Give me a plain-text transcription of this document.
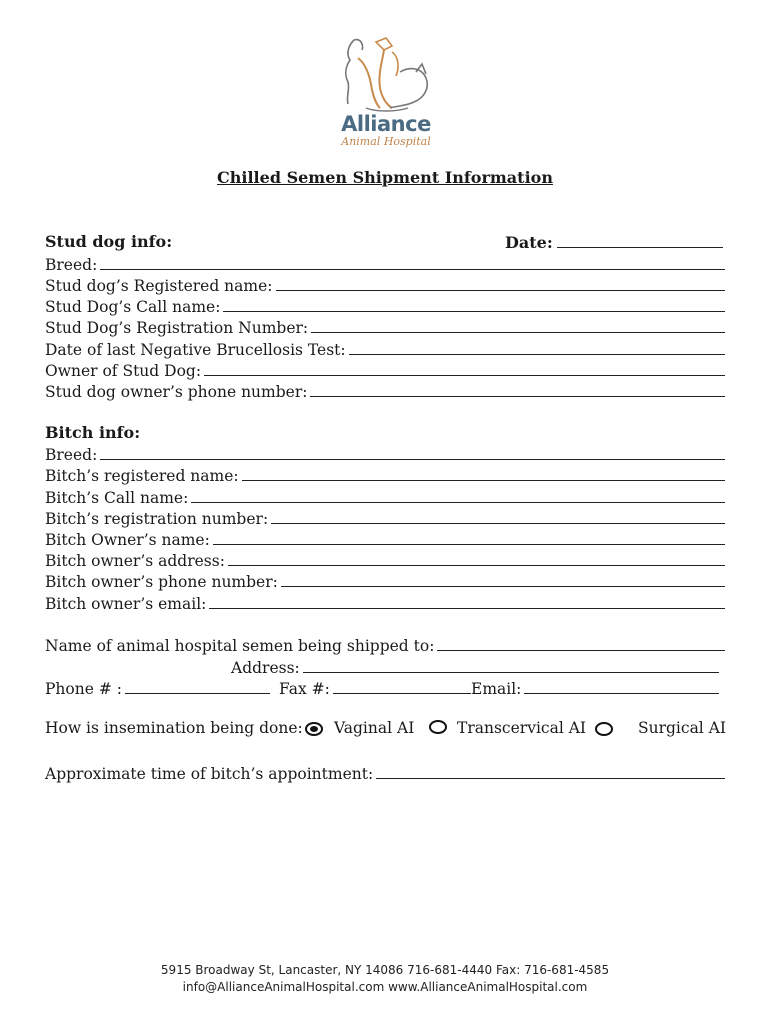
Alliance
Animal Hospital
Chilled Semen Shipment Information
Stud dog info:	Date:
Breed:
Stud dog’s Registered name:
Stud Dog’s Call name:
Stud Dog’s Registration Number:
Date of last Negative Brucellosis Test:
Owner of Stud Dog:
Stud dog owner’s phone number:
Bitch info:
Breed:
Bitch’s registered name:
Bitch’s Call name:
Bitch’s registration number:
Bitch Owner’s name:
Bitch owner’s address:
Bitch owner’s phone number:
Bitch owner’s email:
Name of animal hospital semen being shipped to:
Address:
Phone # :	Fax #:	Email:
How is insemination being done: Vaginal AI	Transcervical AI	Surgical AI
Approximate time of bitch’s appointment:
5915 Broadway St, Lancaster, NY 14086 716-681-4440 Fax: 716-681-4585
info@AllianceAnimalHospital.com www.AllianceAnimalHospital.com
